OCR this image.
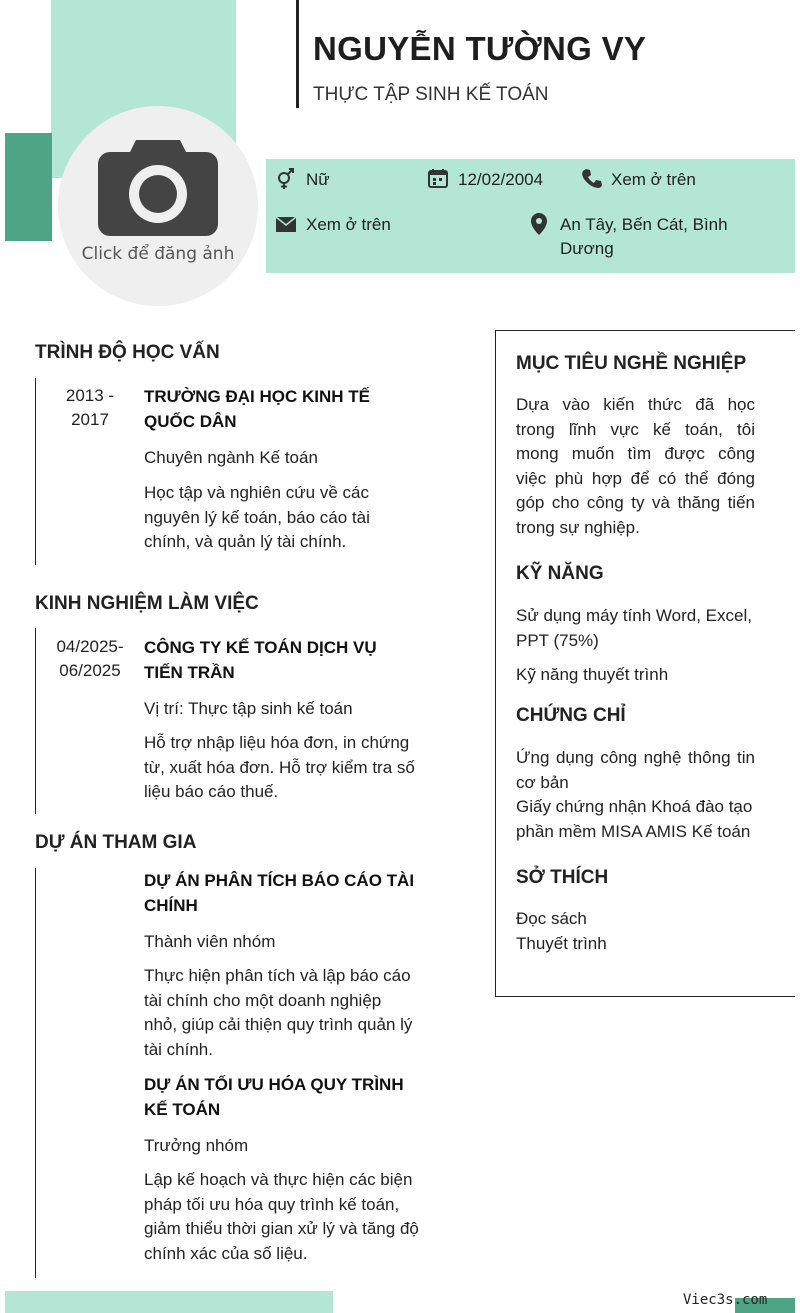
Click để đăng ảnh
NGUYỄN TƯỜNG VY
THỰC TẬP SINH KẾ TOÁN
Nữ	12/02/2004	Xem ở trên
Xem ở trên	An Tây, Bến Cát, Bình Dương
TRÌNH ĐỘ HỌC VẤN
2013 - 2017
TRƯỜNG ĐẠI HỌC KINH TẾ QUỐC DÂN
Chuyên ngành Kế toán
Học tập và nghiên cứu về các nguyên lý kế toán, báo cáo tài chính, và quản lý tài chính.
KINH NGHIỆM LÀM VIỆC
04/2025- 06/2025
CÔNG TY KẾ TOÁN DỊCH VỤ TIẾN TRẦN
Vị trí: Thực tập sinh kế toán
Hỗ trợ nhập liệu hóa đơn, in chứng từ, xuất hóa đơn. Hỗ trợ kiểm tra số liệu báo cáo thuế.
DỰ ÁN THAM GIA
DỰ ÁN PHÂN TÍCH BÁO CÁO TÀI CHÍNH
Thành viên nhóm
Thực hiện phân tích và lập báo cáo tài chính cho một doanh nghiệp nhỏ, giúp cải thiện quy trình quản lý tài chính.
DỰ ÁN TỐI ƯU HÓA QUY TRÌNH KẾ TOÁN
Trưởng nhóm
Lập kế hoạch và thực hiện các biện pháp tối ưu hóa quy trình kế toán, giảm thiểu thời gian xử lý và tăng độ chính xác của số liệu.
MỤC TIÊU NGHỀ NGHIỆP
Dựa vào kiến thức đã học trong lĩnh vực kế toán, tôi mong muốn tìm được công việc phù hợp để có thể đóng góp cho công ty và thăng tiến trong sự nghiệp.
KỸ NĂNG
Sử dụng máy tính Word, Excel, PPT (75%)
Kỹ năng thuyết trình
CHỨNG CHỈ
Ứng dụng công nghệ thông tin cơ bản
Giấy chứng nhận Khoá đào tạo phần mềm MISA AMIS Kế toán
SỞ THÍCH
Đọc sách
Thuyết trình
Viec3s.com
